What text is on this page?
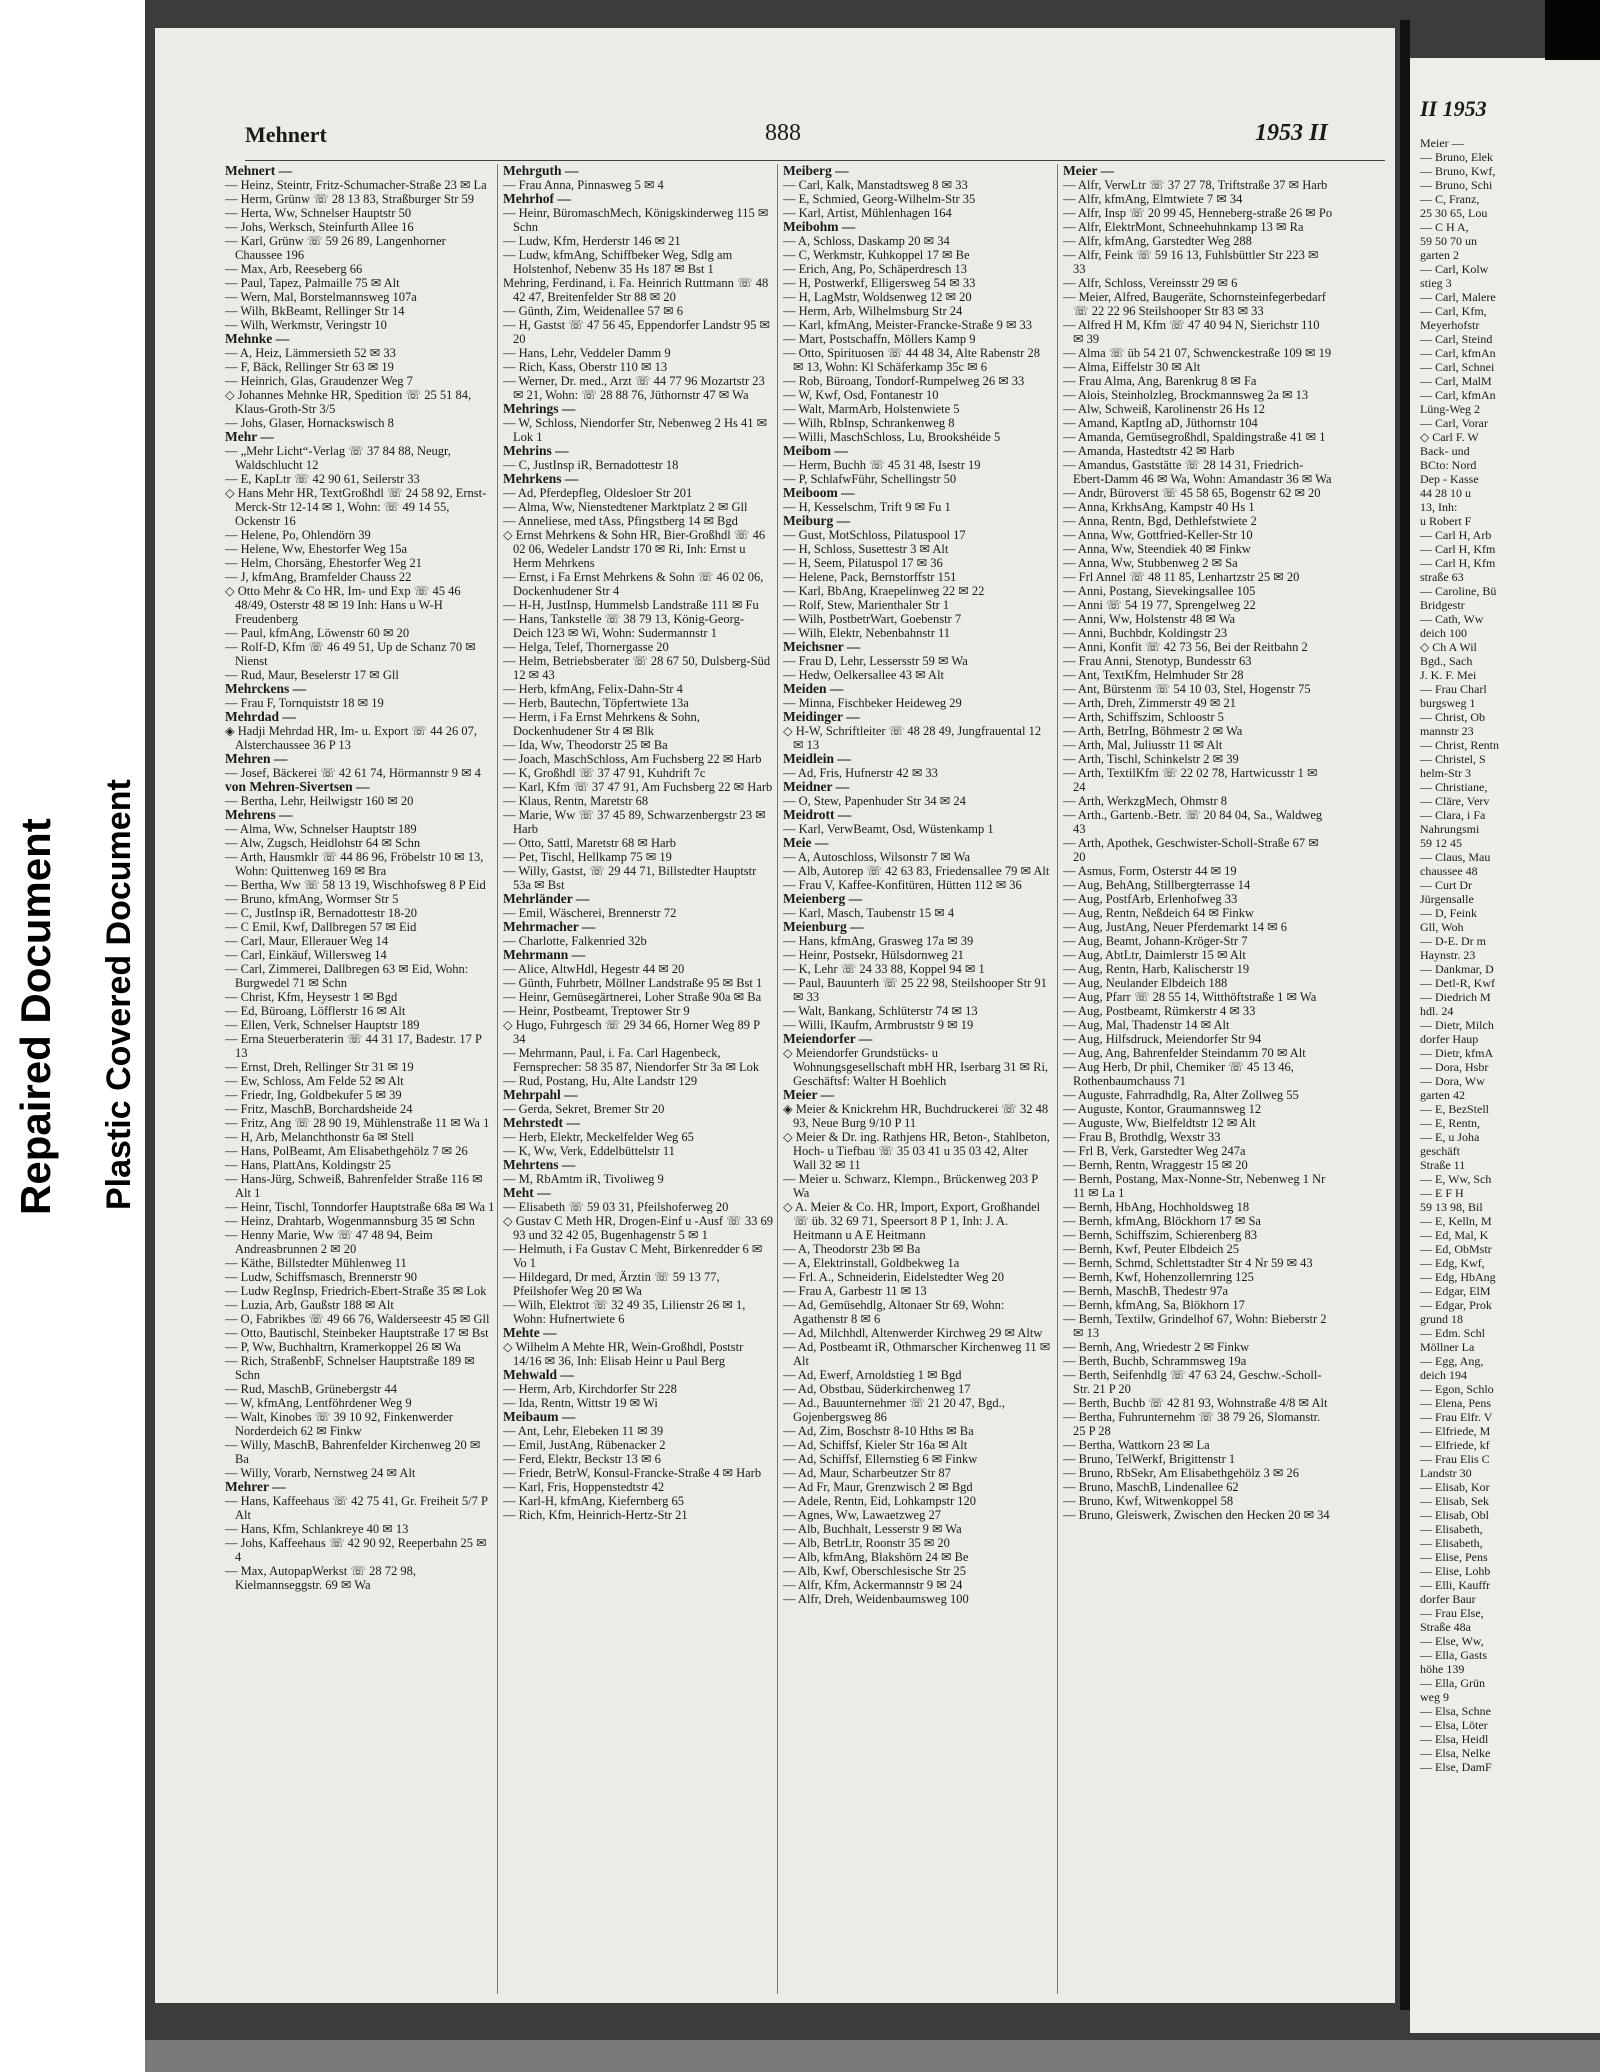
Repaired Document Plastic Covered Document
Mehnert	888	1953 II
Mehnert —
— Heinz, Steintr, Fritz-Schumacher-Straße 23 ✉ La
— Herm, Grünw ☏ 28 13 83, Straßburger Str 59
— Herta, Ww, Schnelser Hauptstr 50
— Johs, Werksch, Steinfurth Allee 16
— Karl, Grünw ☏ 59 26 89, Langenhorner Chaussee 196
— Max, Arb, Reeseberg 66
— Paul, Tapez, Palmaille 75 ✉ Alt
— Wern, Mal, Borstelmannsweg 107a
— Wilh, BkBeamt, Rellinger Str 14
— Wilh, Werkmstr, Veringstr 10
Mehnke —
— A, Heiz, Lämmersieth 52 ✉ 33
— F, Bäck, Rellinger Str 63 ✉ 19
— Heinrich, Glas, Graudenzer Weg 7
◇ Johannes Mehnke HR, Spedition ☏ 25 51 84, Klaus-Groth-Str 3/5
— Johs, Glaser, Hornackswisch 8
Mehr —
— „Mehr Licht“-Verlag ☏ 37 84 88, Neugr, Waldschlucht 12
— E, KapLtr ☏ 42 90 61, Seilerstr 33
◇ Hans Mehr HR, TextGroßhdl ☏ 24 58 92, Ernst-Merck-Str 12-14 ✉ 1, Wohn: ☏ 49 14 55, Ockenstr 16
— Helene, Po, Ohlendörn 39
— Helene, Ww, Ehestorfer Weg 15a
— Helm, Chorsäng, Ehestorfer Weg 21
— J, kfmAng, Bramfelder Chauss 22
◇ Otto Mehr & Co HR, Im- und Exp ☏ 45 46 48/49, Osterstr 48 ✉ 19 Inh: Hans u W-H Freudenberg
— Paul, kfmAng, Löwenstr 60 ✉ 20
— Rolf-D, Kfm ☏ 46 49 51, Up de Schanz 70 ✉ Nienst
— Rud, Maur, Beselerstr 17 ✉ Gll
Mehrckens —
— Frau F, Tornquiststr 18 ✉ 19
Mehrdad —
◈ Hadji Mehrdad HR, Im- u. Export ☏ 44 26 07, Alsterchaussee 36 P 13
Mehren —
— Josef, Bäckerei ☏ 42 61 74, Hörmannstr 9 ✉ 4
von Mehren-Sivertsen —
— Bertha, Lehr, Heilwigstr 160 ✉ 20
Mehrens —
— Alma, Ww, Schnelser Hauptstr 189
— Alw, Zugsch, Heidlohstr 64 ✉ Schn
— Arth, Hausmklr ☏ 44 86 96, Fröbelstr 10 ✉ 13, Wohn: Quittenweg 169 ✉ Bra
— Bertha, Ww ☏ 58 13 19, Wischhofsweg 8 P Eid
— Bruno, kfmAng, Wormser Str 5
— C, JustInsp iR, Bernadottestr 18-20
— C Emil, Kwf, Dallbregen 57 ✉ Eid
— Carl, Maur, Ellerauer Weg 14
— Carl, Einkäuf, Willersweg 14
— Carl, Zimmerei, Dallbregen 63 ✉ Eid, Wohn: Burgwedel 71 ✉ Schn
— Christ, Kfm, Heysestr 1 ✉ Bgd
— Ed, Büroang, Löfflerstr 16 ✉ Alt
— Ellen, Verk, Schnelser Hauptstr 189
— Erna Steuerberaterin ☏ 44 31 17, Badestr. 17 P 13
— Ernst, Dreh, Rellinger Str 31 ✉ 19
— Ew, Schloss, Am Felde 52 ✉ Alt
— Friedr, Ing, Goldbekufer 5 ✉ 39
— Fritz, MaschB, Borchardsheide 24
— Fritz, Ang ☏ 28 90 19, Mühlenstraße 11 ✉ Wa 1
— H, Arb, Melanchthonstr 6a ✉ Stell
— Hans, PolBeamt, Am Elisabethgehölz 7 ✉ 26
— Hans, PlattAns, Koldingstr 25
— Hans-Jürg, Schweiß, Bahrenfelder Straße 116 ✉ Alt 1
— Heinr, Tischl, Tonndorfer Hauptstraße 68a ✉ Wa 1
— Heinz, Drahtarb, Wogenmannsburg 35 ✉ Schn
— Henny Marie, Ww ☏ 47 48 94, Beim Andreasbrunnen 2 ✉ 20
— Käthe, Billstedter Mühlenweg 11
— Ludw, Schiffsmasch, Brennerstr 90
— Ludw RegInsp, Friedrich-Ebert-Straße 35 ✉ Lok
— Luzia, Arb, Gaußstr 188 ✉ Alt
— O, Fabrikbes ☏ 49 66 76, Walderseestr 45 ✉ Gll
— Otto, Bautischl, Steinbeker Hauptstraße 17 ✉ Bst
— P, Ww, Buchhaltrn, Kramerkoppel 26 ✉ Wa
— Rich, StraßenbF, Schnelser Hauptstraße 189 ✉ Schn
— Rud, MaschB, Grünebergstr 44
— W, kfmAng, Lentföhrdener Weg 9
— Walt, Kinobes ☏ 39 10 92, Finkenwerder Norderdeich 62 ✉ Finkw
— Willy, MaschB, Bahrenfelder Kirchenweg 20 ✉ Ba
— Willy, Vorarb, Nernstweg 24 ✉ Alt
Mehrer —
— Hans, Kaffeehaus ☏ 42 75 41, Gr. Freiheit 5/7 P Alt
— Hans, Kfm, Schlankreye 40 ✉ 13
— Johs, Kaffeehaus ☏ 42 90 92, Reeperbahn 25 ✉ 4
— Max, AutopapWerkst ☏ 28 72 98, Kielmannseggstr. 69 ✉ Wa
Mehrguth —
— Frau Anna, Pinnasweg 5 ✉ 4
Mehrhof —
— Heinr, BüromaschMech, Königskinderweg 115 ✉ Schn
— Ludw, Kfm, Herderstr 146 ✉ 21
— Ludw, kfmAng, Schiffbeker Weg, Sdlg am Holstenhof, Nebenw 35 Hs 187 ✉ Bst 1
Mehring, Ferdinand, i. Fa. Heinrich Ruttmann ☏ 48 42 47, Breitenfelder Str 88 ✉ 20
— Günth, Zim, Weidenallee 57 ✉ 6
— H, Gastst ☏ 47 56 45, Eppendorfer Landstr 95 ✉ 20
— Hans, Lehr, Veddeler Damm 9
— Rich, Kass, Oberstr 110 ✉ 13
— Werner, Dr. med., Arzt ☏ 44 77 96 Mozartstr 23 ✉ 21, Wohn: ☏ 28 88 76, Jüthornstr 47 ✉ Wa
Mehrings —
— W, Schloss, Niendorfer Str, Nebenweg 2 Hs 41 ✉ Lok 1
Mehrins —
— C, JustInsp iR, Bernadottestr 18
Mehrkens —
— Ad, Pferdepfleg, Oldesloer Str 201
— Alma, Ww, Nienstedtener Marktplatz 2 ✉ Gll
— Anneliese, med tAss, Pfingstberg 14 ✉ Bgd
◇ Ernst Mehrkens & Sohn HR, Bier-Großhdl ☏ 46 02 06, Wedeler Landstr 170 ✉ Ri, Inh: Ernst u Herm Mehrkens
— Ernst, i Fa Ernst Mehrkens & Sohn ☏ 46 02 06, Dockenhudener Str 4
— H-H, JustInsp, Hummelsb Landstraße 111 ✉ Fu
— Hans, Tankstelle ☏ 38 79 13, König-Georg-Deich 123 ✉ Wi, Wohn: Sudermannstr 1
— Helga, Telef, Thornergasse 20
— Helm, Betriebsberater ☏ 28 67 50, Dulsberg-Süd 12 ✉ 43
— Herb, kfmAng, Felix-Dahn-Str 4
— Herb, Bautechn, Töpfertwiete 13a
— Herm, i Fa Ernst Mehrkens & Sohn, Dockenhudener Str 4 ✉ Blk
— Ida, Ww, Theodorstr 25 ✉ Ba
— Joach, MaschSchloss, Am Fuchsberg 22 ✉ Harb
— K, Großhdl ☏ 37 47 91, Kuhdrift 7c
— Karl, Kfm ☏ 37 47 91, Am Fuchsberg 22 ✉ Harb
— Klaus, Rentn, Maretstr 68
— Marie, Ww ☏ 37 45 89, Schwarzenbergstr 23 ✉ Harb
— Otto, Sattl, Maretstr 68 ✉ Harb
— Pet, Tischl, Hellkamp 75 ✉ 19
— Willy, Gastst, ☏ 29 44 71, Billstedter Hauptstr 53a ✉ Bst
Mehrländer —
— Emil, Wäscherei, Brennerstr 72
Mehrmacher —
— Charlotte, Falkenried 32b
Mehrmann —
— Alice, AltwHdl, Hegestr 44 ✉ 20
— Günth, Fuhrbetr, Möllner Landstraße 95 ✉ Bst 1
— Heinr, Gemüsegärtnerei, Loher Straße 90a ✉ Ba
— Heinr, Postbeamt, Treptower Str 9
◇ Hugo, Fuhrgesch ☏ 29 34 66, Horner Weg 89 P 34
— Mehrmann, Paul, i. Fa. Carl Hagenbeck, Fernsprecher: 58 35 87, Niendorfer Str 3a ✉ Lok
— Rud, Postang, Hu, Alte Landstr 129
Mehrpahl —
— Gerda, Sekret, Bremer Str 20
Mehrstedt —
— Herb, Elektr, Meckelfelder Weg 65
— K, Ww, Verk, Eddelbüttelstr 11
Mehrtens —
— M, RbAmtm iR, Tivoliweg 9
Meht —
— Elisabeth ☏ 59 03 31, Pfeilshoferweg 20
◇ Gustav C Meth HR, Drogen-Einf u -Ausf ☏ 33 69 93 und 32 42 05, Bugenhagenstr 5 ✉ 1
— Helmuth, i Fa Gustav C Meht, Birkenredder 6 ✉ Vo 1
— Hildegard, Dr med, Ärztin ☏ 59 13 77, Pfeilshofer Weg 20 ✉ Wa
— Wilh, Elektrot ☏ 32 49 35, Lilienstr 26 ✉ 1, Wohn: Hufnertwiete 6
Mehte —
◇ Wilhelm A Mehte HR, Wein-Großhdl, Poststr 14/16 ✉ 36, Inh: Elisab Heinr u Paul Berg
Mehwald —
— Herm, Arb, Kirchdorfer Str 228
— Ida, Rentn, Wittstr 19 ✉ Wi
Meibaum —
— Ant, Lehr, Elebeken 11 ✉ 39
— Emil, JustAng, Rübenacker 2
— Ferd, Elektr, Beckstr 13 ✉ 6
— Friedr, BetrW, Konsul-Francke-Straße 4 ✉ Harb
— Karl, Fris, Hoppenstedtstr 42
— Karl-H, kfmAng, Kiefernberg 65
— Rich, Kfm, Heinrich-Hertz-Str 21
Meiberg —
— Carl, Kalk, Manstadtsweg 8 ✉ 33
— E, Schmied, Georg-Wilhelm-Str 35
— Karl, Artist, Mühlenhagen 164
Meibohm —
— A, Schloss, Daskamp 20 ✉ 34
— C, Werkmstr, Kuhkoppel 17 ✉ Be
— Erich, Ang, Po, Schäperdresch 13
— H, Postwerkf, Elligersweg 54 ✉ 33
— H, LagMstr, Woldsenweg 12 ✉ 20
— Herm, Arb, Wilhelmsburg Str 24
— Karl, kfmAng, Meister-Francke-Straße 9 ✉ 33
— Mart, Postschaffn, Möllers Kamp 9
— Otto, Spirituosen ☏ 44 48 34, Alte Rabenstr 28 ✉ 13, Wohn: Kl Schäferkamp 35c ✉ 6
— Rob, Büroang, Tondorf-Rumpelweg 26 ✉ 33
— W, Kwf, Osd, Fontanestr 10
— Walt, MarmArb, Holstenwiete 5
— Wilh, RbInsp, Schrankenweg 8
— Willi, MaschSchloss, Lu, Brookshéide 5
Meibom —
— Herm, Buchh ☏ 45 31 48, Isestr 19
— P, SchlafwFühr, Schellingstr 50
Meiboom —
— H, Kesselschm, Trift 9 ✉ Fu 1
Meiburg —
— Gust, MotSchloss, Pilatuspool 17
— H, Schloss, Susettestr 3 ✉ Alt
— H, Seem, Pilatuspol 17 ✉ 36
— Helene, Pack, Bernstorffstr 151
— Karl, BbAng, Kraepelinweg 22 ✉ 22
— Rolf, Stew, Marienthaler Str 1
— Wilh, PostbetrWart, Goebenstr 7
— Wilh, Elektr, Nebenbahnstr 11
Meichsner —
— Frau D, Lehr, Lessersstr 59 ✉ Wa
— Hedw, Oelkersallee 43 ✉ Alt
Meiden —
— Minna, Fischbeker Heideweg 29
Meidinger —
◇ H-W, Schriftleiter ☏ 48 28 49, Jungfrauental 12 ✉ 13
Meidlein —
— Ad, Fris, Hufnerstr 42 ✉ 33
Meidner —
— O, Stew, Papenhuder Str 34 ✉ 24
Meidrott —
— Karl, VerwBeamt, Osd, Wüstenkamp 1
Meie —
— A, Autoschloss, Wilsonstr 7 ✉ Wa
— Alb, Autorep ☏ 42 63 83, Friedensallee 79 ✉ Alt
— Frau V, Kaffee-Konfitüren, Hütten 112 ✉ 36
Meienberg —
— Karl, Masch, Taubenstr 15 ✉ 4
Meienburg —
— Hans, kfmAng, Grasweg 17a ✉ 39
— Heinr, Postsekr, Hülsdornweg 21
— K, Lehr ☏ 24 33 88, Koppel 94 ✉ 1
— Paul, Bauunterh ☏ 25 22 98, Steilshooper Str 91 ✉ 33
— Walt, Bankang, Schlüterstr 74 ✉ 13
— Willi, IKaufm, Armbruststr 9 ✉ 19
Meiendorfer —
◇ Meiendorfer Grundstücks- u Wohnungsgesellschaft mbH HR, Iserbarg 31 ✉ Ri, Geschäftsf: Walter H Boehlich
Meier —
◈ Meier & Knickrehm HR, Buchdruckerei ☏ 32 48 93, Neue Burg 9/10 P 11
◇ Meier & Dr. ing. Rathjens HR, Beton-, Stahlbeton, Hoch- u Tiefbau ☏ 35 03 41 u 35 03 42, Alter Wall 32 ✉ 11
— Meier u. Schwarz, Klempn., Brückenweg 203 P Wa
◇ A. Meier & Co. HR, Import, Export, Großhandel ☏ üb. 32 69 71, Speersort 8 P 1, Inh: J. A. Heitmann u A E Heitmann
— A, Theodorstr 23b ✉ Ba
— A, Elektrinstall, Goldbekweg 1a
— Frl. A., Schneiderin, Eidelstedter Weg 20
— Frau A, Garbestr 11 ✉ 13
— Ad, Gemüsehdlg, Altonaer Str 69, Wohn: Agathenstr 8 ✉ 6
— Ad, Milchhdl, Altenwerder Kirchweg 29 ✉ Altw
— Ad, Postbeamt iR, Othmarscher Kirchenweg 11 ✉ Alt
— Ad, Ewerf, Arnoldstieg 1 ✉ Bgd
— Ad, Obstbau, Süderkirchenweg 17
— Ad., Bauunternehmer ☏ 21 20 47, Bgd., Gojenbergsweg 86
— Ad, Zim, Boschstr 8-10 Hths ✉ Ba
— Ad, Schiffsf, Kieler Str 16a ✉ Alt
— Ad, Schiffsf, Ellernstieg 6 ✉ Finkw
— Ad, Maur, Scharbeutzer Str 87
— Ad Fr, Maur, Grenzwisch 2 ✉ Bgd
— Adele, Rentn, Eid, Lohkampstr 120
— Agnes, Ww, Lawaetzweg 27
— Alb, Buchhalt, Lesserstr 9 ✉ Wa
— Alb, BetrLtr, Roonstr 35 ✉ 20
— Alb, kfmAng, Blakshörn 24 ✉ Be
— Alb, Kwf, Oberschlesische Str 25
— Alfr, Kfm, Ackermannstr 9 ✉ 24
— Alfr, Dreh, Weidenbaumsweg 100
Meier —
— Alfr, VerwLtr ☏ 37 27 78, Triftstraße 37 ✉ Harb
— Alfr, kfmAng, Elmtwiete 7 ✉ 34
— Alfr, Insp ☏ 20 99 45, Henneberg-straße 26 ✉ Po
— Alfr, ElektrMont, Schneehuhnkamp 13 ✉ Ra
— Alfr, kfmAng, Garstedter Weg 288
— Alfr, Feink ☏ 59 16 13, Fuhlsbüttler Str 223 ✉ 33
— Alfr, Schloss, Vereinsstr 29 ✉ 6
— Meier, Alfred, Baugeräte, Schornsteinfegerbedarf ☏ 22 22 96 Steilshooper Str 83 ✉ 33
— Alfred H M, Kfm ☏ 47 40 94 N, Sierichstr 110 ✉ 39
— Alma ☏ üb 54 21 07, Schwenckestraße 109 ✉ 19
— Alma, Eiffelstr 30 ✉ Alt
— Frau Alma, Ang, Barenkrug 8 ✉ Fa
— Alois, Steinholzleg, Brockmannsweg 2a ✉ 13
— Alw, Schweiß, Karolinenstr 26 Hs 12
— Amand, KaptIng aD, Jüthornstr 104
— Amanda, Gemüsegroßhdl, Spaldingstraße 41 ✉ 1
— Amanda, Hastedtstr 42 ✉ Harb
— Amandus, Gaststätte ☏ 28 14 31, Friedrich-Ebert-Damm 46 ✉ Wa, Wohn: Amandastr 36 ✉ Wa
— Andr, Büroverst ☏ 45 58 65, Bogenstr 62 ✉ 20
— Anna, KrkhsAng, Kampstr 40 Hs 1
— Anna, Rentn, Bgd, Dethlefstwiete 2
— Anna, Ww, Gottfried-Keller-Str 10
— Anna, Ww, Steendiek 40 ✉ Finkw
— Anna, Ww, Stubbenweg 2 ✉ Sa
— Frl Annel ☏ 48 11 85, Lenhartzstr 25 ✉ 20
— Anni, Postang, Sievekingsallee 105
— Anni ☏ 54 19 77, Sprengelweg 22
— Anni, Ww, Holstenstr 48 ✉ Wa
— Anni, Buchbdr, Koldingstr 23
— Anni, Konfit ☏ 42 73 56, Bei der Reitbahn 2
— Frau Anni, Stenotyp, Bundesstr 63
— Ant, TextKfm, Helmhuder Str 28
— Ant, Bürstenm ☏ 54 10 03, Stel, Hogenstr 75
— Arth, Dreh, Zimmerstr 49 ✉ 21
— Arth, Schiffszim, Schloostr 5
— Arth, BetrIng, Böhmestr 2 ✉ Wa
— Arth, Mal, Juliusstr 11 ✉ Alt
— Arth, Tischl, Schinkelstr 2 ✉ 39
— Arth, TextilKfm ☏ 22 02 78, Hartwicusstr 1 ✉ 24
— Arth, WerkzgMech, Ohmstr 8
— Arth., Gartenb.-Betr. ☏ 20 84 04, Sa., Waldweg 43
— Arth, Apothek, Geschwister-Scholl-Straße 67 ✉ 20
— Asmus, Form, Osterstr 44 ✉ 19
— Aug, BehAng, Stillbergterrasse 14
— Aug, PostfArb, Erlenhofweg 33
— Aug, Rentn, Neßdeich 64 ✉ Finkw
— Aug, JustAng, Neuer Pferdemarkt 14 ✉ 6
— Aug, Beamt, Johann-Kröger-Str 7
— Aug, AbtLtr, Daimlerstr 15 ✉ Alt
— Aug, Rentn, Harb, Kalischerstr 19
— Aug, Neulander Elbdeich 188
— Aug, Pfarr ☏ 28 55 14, Witthöftstraße 1 ✉ Wa
— Aug, Postbeamt, Rümkerstr 4 ✉ 33
— Aug, Mal, Thadenstr 14 ✉ Alt
— Aug, Hilfsdruck, Meiendorfer Str 94
— Aug, Ang, Bahrenfelder Steindamm 70 ✉ Alt
— Aug Herb, Dr phil, Chemiker ☏ 45 13 46, Rothenbaumchauss 71
— Auguste, Fahrradhdlg, Ra, Alter Zollweg 55
— Auguste, Kontor, Graumannsweg 12
— Auguste, Ww, Bielfeldtstr 12 ✉ Alt
— Frau B, Brothdlg, Wexstr 33
— Frl B, Verk, Garstedter Weg 247a
— Bernh, Rentn, Wraggestr 15 ✉ 20
— Bernh, Postang, Max-Nonne-Str, Nebenweg 1 Nr 11 ✉ La 1
— Bernh, HbAng, Hochholdsweg 18
— Bernh, kfmAng, Blöckhorn 17 ✉ Sa
— Bernh, Schiffszim, Schierenberg 83
— Bernh, Kwf, Peuter Elbdeich 25
— Bernh, Schmd, Schlettstadter Str 4 Nr 59 ✉ 43
— Bernh, Kwf, Hohenzollernring 125
— Bernh, MaschB, Thedestr 97a
— Bernh, kfmAng, Sa, Blökhorn 17
— Bernh, Textilw, Grindelhof 67, Wohn: Bieberstr 2 ✉ 13
— Bernh, Ang, Wriedestr 2 ✉ Finkw
— Berth, Buchb, Schrammsweg 19a
— Berth, Seifenhdlg ☏ 47 63 24, Geschw.-Scholl-Str. 21 P 20
— Berth, Buchb ☏ 42 81 93, Wohnstraße 4/8 ✉ Alt
— Bertha, Fuhrunternehm ☏ 38 79 26, Slomanstr. 25 P 28
— Bertha, Wattkorn 23 ✉ La
— Bruno, TelWerkf, Brigittenstr 1
— Bruno, RbSekr, Am Elisabethgehölz 3 ✉ 26
— Bruno, MaschB, Lindenallee 62
— Bruno, Kwf, Witwenkoppel 58
— Bruno, Gleiswerk, Zwischen den Hecken 20 ✉ 34
II 1953
Meier —
— Bruno, Elek
— Bruno, Kwf,
— Bruno, Schi
— C, Franz,
25 30 65, Lou
— C H A,
59 50 70 un
garten 2
— Carl, Kolw
stieg 3
— Carl, Malere
— Carl, Kfm,
Meyerhofstr
— Carl, Steind
— Carl, kfmAn
— Carl, Schnei
— Carl, MalM
— Carl, kfmAn
Lüng-Weg 2
— Carl, Vorar
◇ Carl F. W
Back- und
BCto: Nord
Dep - Kasse
44 28 10 u
13, Inh:
u Robert F
— Carl H, Arb
— Carl H, Kfm
— Carl H, Kfm
straße 63
— Caroline, Bü
Bridgestr
— Cath, Ww
deich 100
◇ Ch A Wil
Bgd., Sach
J. K. F. Mei
— Frau Charl
burgsweg 1
— Christ, Ob
mannstr 23
— Christ, Rentn
— Christel, S
helm-Str 3
— Christiane,
— Cläre, Verv
— Clara, i Fa
Nahrungsmi
59 12 45
— Claus, Mau
chaussee 48
— Curt Dr
Jürgensalle
— D, Feink
Gll, Woh
— D-E. Dr m
Haynstr. 23
— Dankmar, D
— Detl-R, Kwf
— Diedrich M
hdl. 24
— Dietr, Milch
dorfer Haup
— Dietr, kfmA
— Dora, Hsbr
— Dora, Ww
garten 42
— E, BezStell
— E, Rentn,
— E, u Joha
geschäft
Straße 11
— E, Ww, Sch
— E F H
59 13 98, Bil
— E, Kelln, M
— Ed, Mal, K
— Ed, ObMstr
— Edg, Kwf,
— Edg, HbAng
— Edgar, ElM
— Edgar, Prok
grund 18
— Edm. Schl
Möllner La
— Egg, Ang,
deich 194
— Egon, Schlo
— Elena, Pens
— Frau Elfr. V
— Elfriede, M
— Elfriede, kf
— Frau Elis C
Landstr 30
— Elisab, Kor
— Elisab, Sek
— Elisab, Obl
— Elisabeth,
— Elisabeth,
— Elise, Pens
— Elise, Lohb
— Elli, Kauffr
dorfer Baur
— Frau Else,
Straße 48a
— Else, Ww,
— Ella, Gasts
höhe 139
— Ella, Grün
weg 9
— Elsa, Schne
— Elsa, Löter
— Elsa, Heidl
— Elsa, Nelke
— Else, DamF
